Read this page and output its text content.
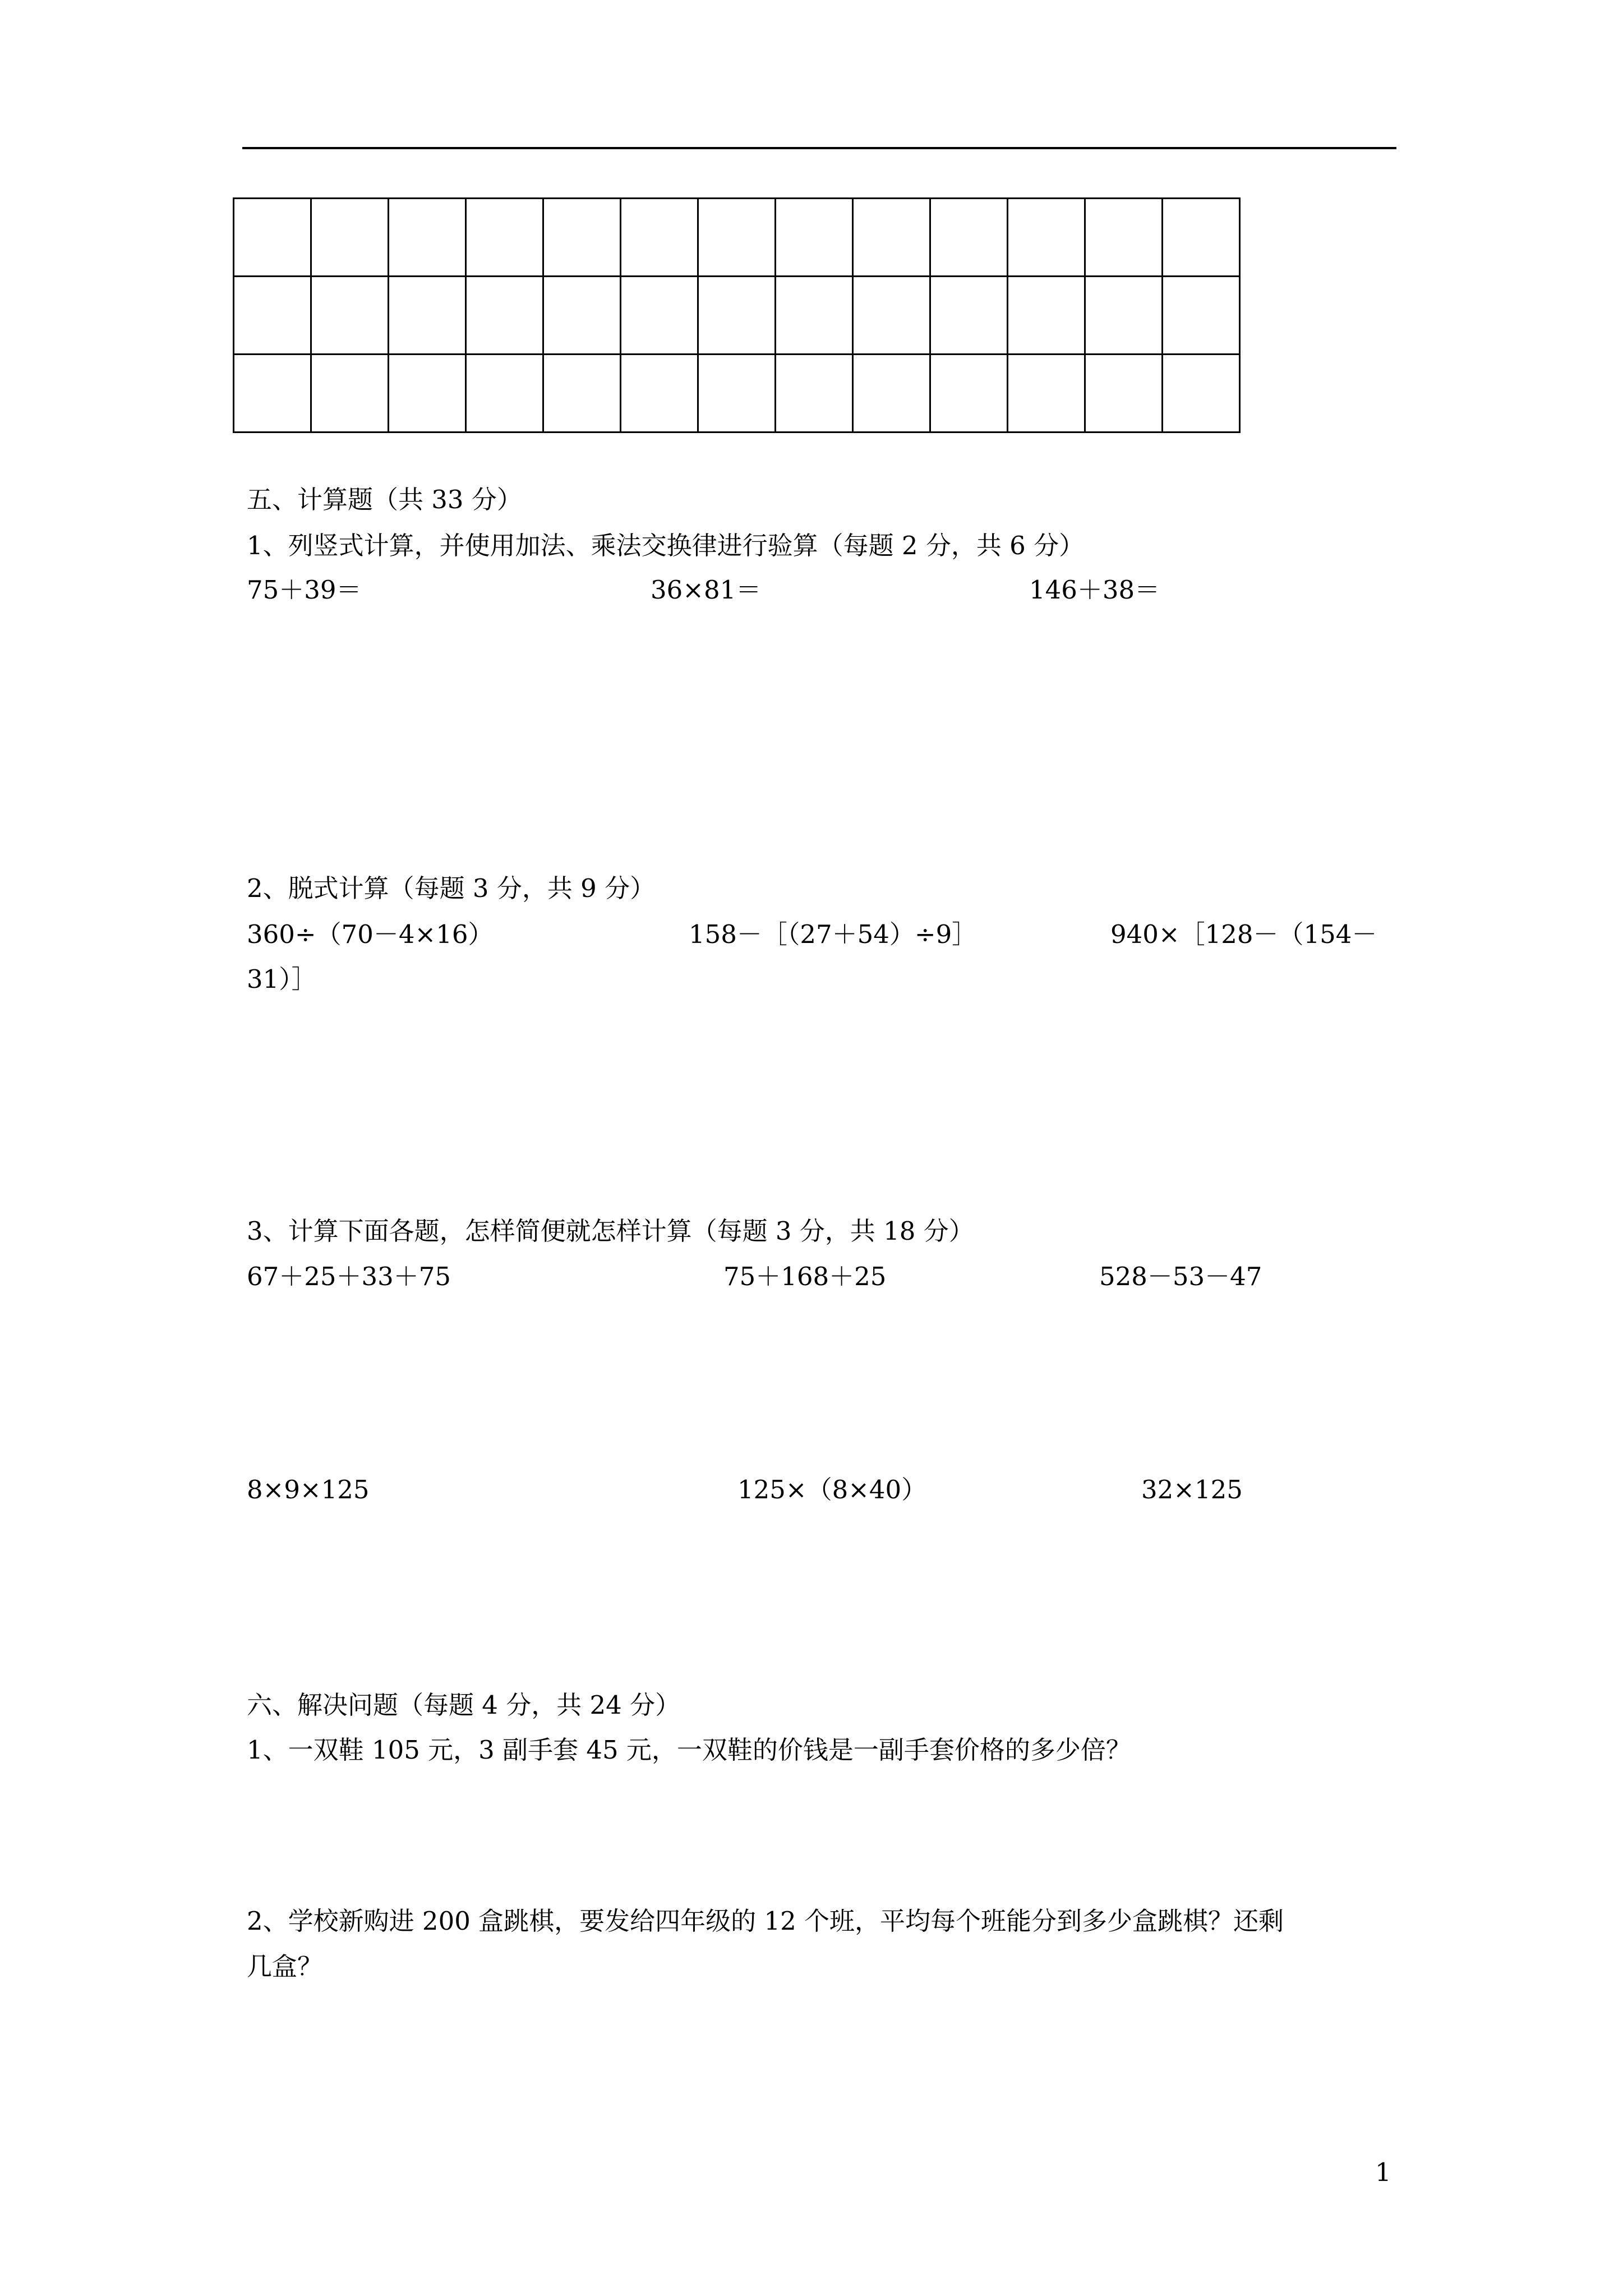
五、计算题（共 33 分）
1、列竖式计算，并使用加法、乘法交换律进行验算（每题 2 分，共 6 分）
75＋39＝	36×81＝	146＋38＝
2、脱式计算（每题 3 分，共 9 分）
360÷（70－4×16）	158－［（27＋54）÷9］	940×［128－（154－
31）］
3、计算下面各题，怎样简便就怎样计算（每题 3 分，共 18 分）
67＋25＋33＋75	75＋168＋25	528－53－47
8×9×125	125×（8×40）	32×125
六、解决问题（每题 4 分，共 24 分）
1、一双鞋 105 元，3 副手套 45 元，一双鞋的价钱是一副手套价格的多少倍？
2、学校新购进 200 盒跳棋，要发给四年级的 12 个班，平均每个班能分到多少盒跳棋？还剩
几盒？
1
